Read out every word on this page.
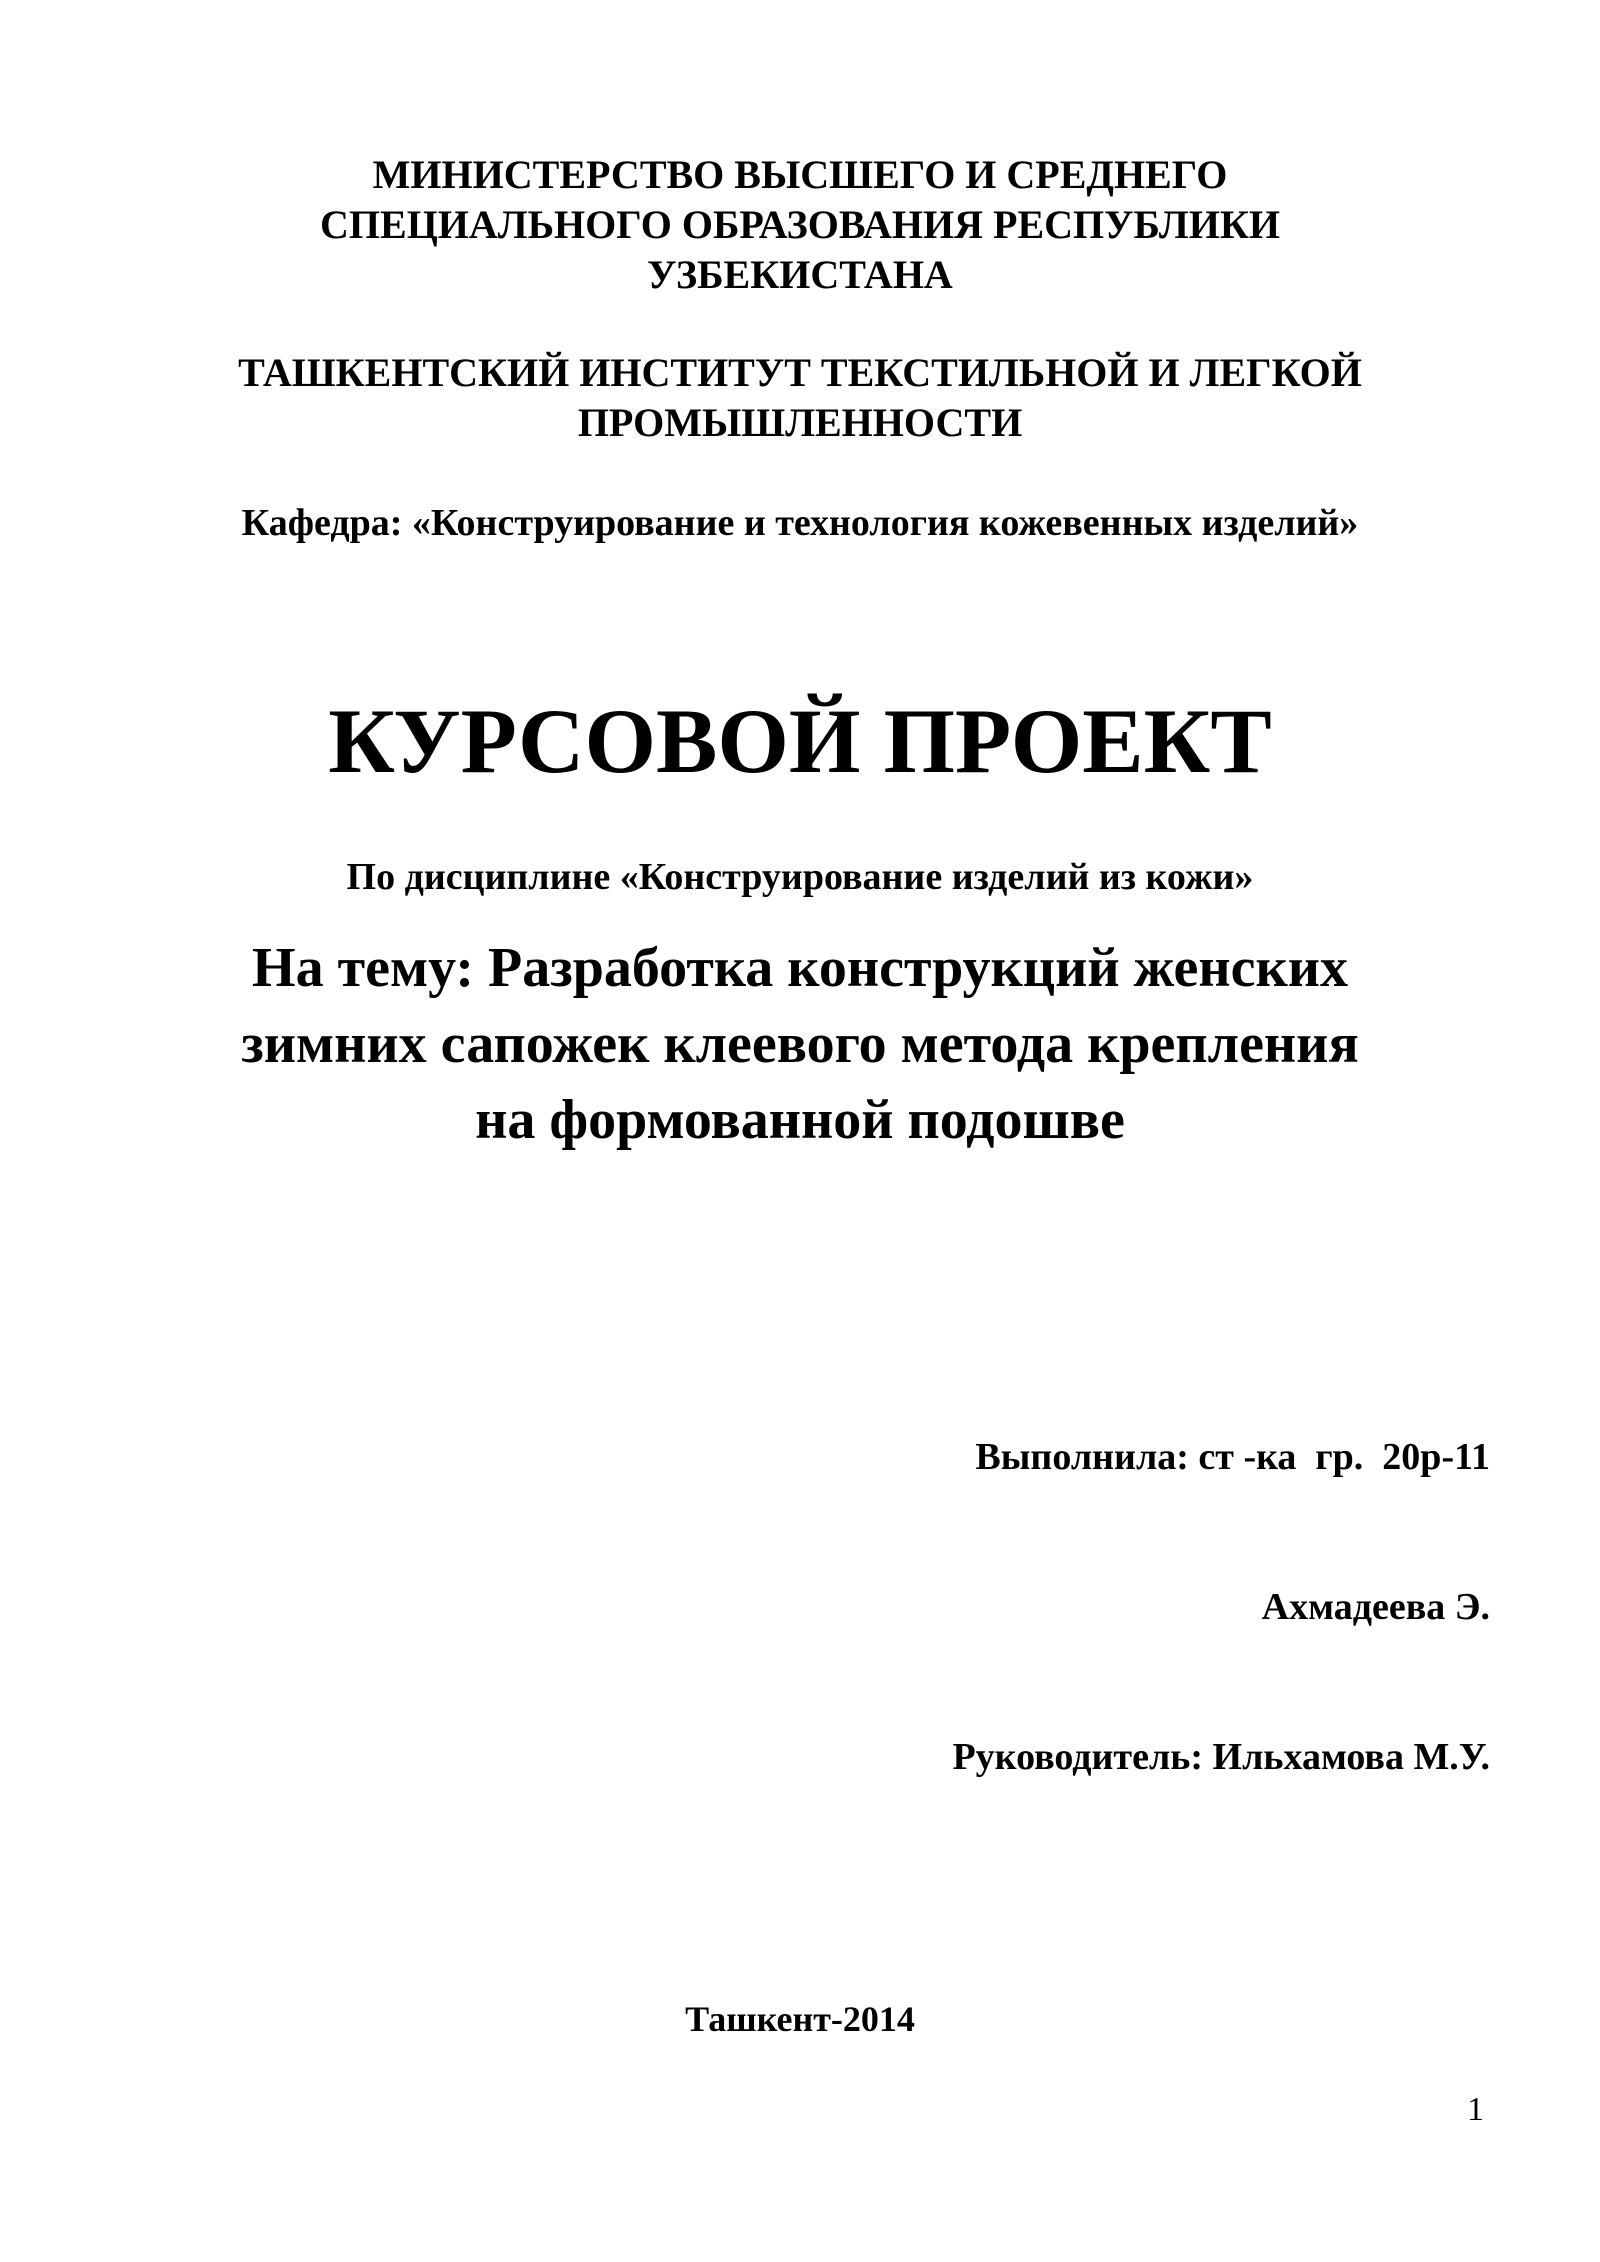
МИНИСТЕРСТВО ВЫСШЕГО И СРЕДНЕГО
СПЕЦИАЛЬНОГО ОБРАЗОВАНИЯ РЕСПУБЛИКИ
УЗБЕКИСТАНА
ТАШКЕНТСКИЙ ИНСТИТУТ ТЕКСТИЛЬНОЙ И ЛЕГКОЙ
ПРОМЫШЛЕННОСТИ
Кафедра: «Конструирование и технология кожевенных изделий»
КУРСОВОЙ ПРОЕКТ
По дисциплине «Конструирование изделий из кожи»
На тему: Разработка конструкций женских
зимних сапожек клеевого метода крепления
на формованной подошве

Выполнила: ст -ка  гр.  20р-11

Ахмадеева Э.

Руководитель: Ильхамова М.У.

Ташкент-2014
1
